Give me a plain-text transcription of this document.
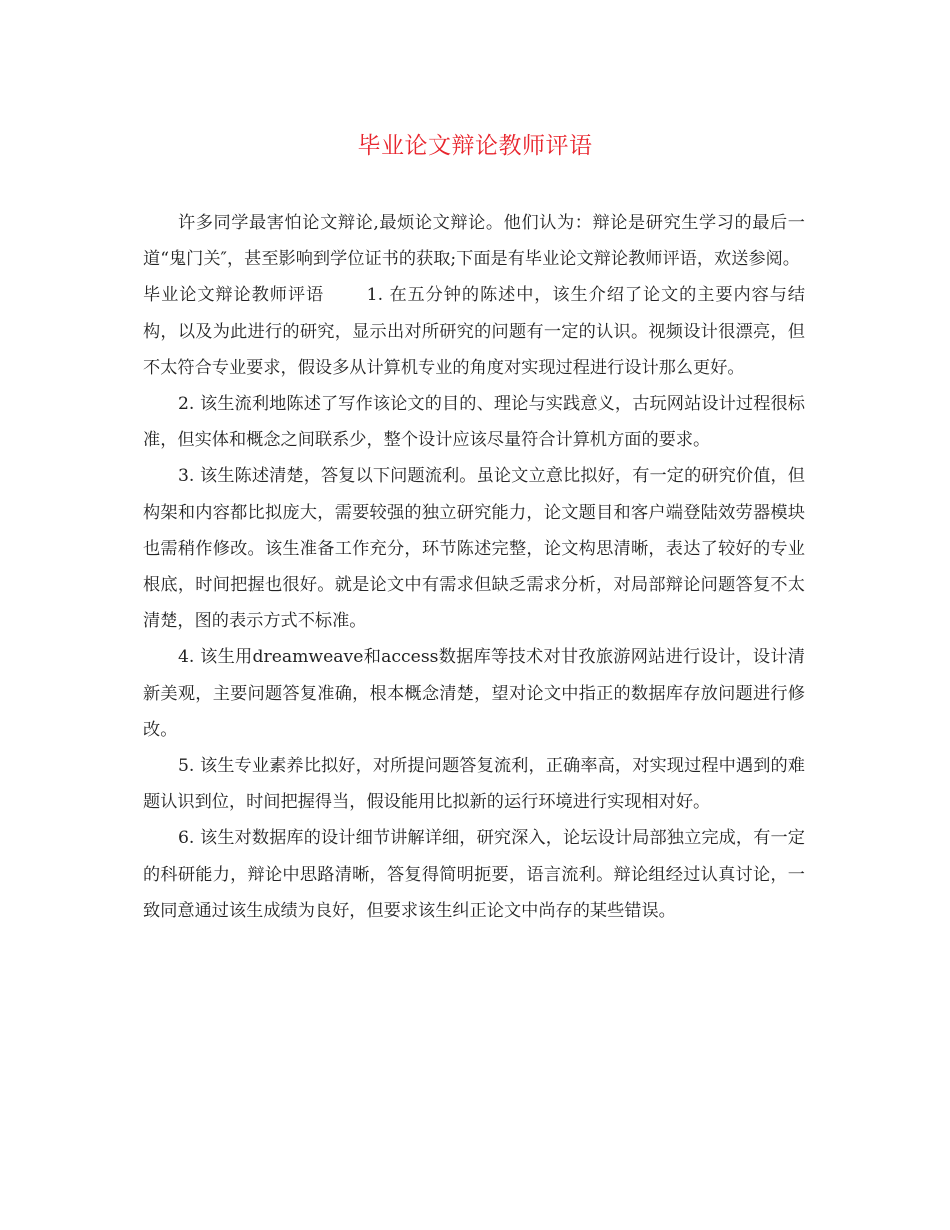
毕业论文辩论教师评语

许多同学最害怕论文辩论,最烦论文辩论。他们认为：辩论是研究生学习的最后一道“鬼门关″，甚至影响到学位证书的获取;下面是有毕业论文辩论教师评语，欢送参阅。

毕业论文辩论教师评语　　 1. 在五分钟的陈述中，该生介绍了论文的主要内容与结构，以及为此进行的研究，显示出对所研究的问题有一定的认识。视频设计很漂亮，但不太符合专业要求，假设多从计算机专业的角度对实现过程进行设计那么更好。

2. 该生流利地陈述了写作该论文的目的、理论与实践意义，古玩网站设计过程很标准，但实体和概念之间联系少，整个设计应该尽量符合计算机方面的要求。

3. 该生陈述清楚，答复以下问题流利。虽论文立意比拟好，有一定的研究价值，但构架和内容都比拟庞大，需要较强的独立研究能力，论文题目和客户端登陆效劳器模块也需稍作修改。该生准备工作充分，环节陈述完整，论文构思清晰，表达了较好的专业根底，时间把握也很好。就是论文中有需求但缺乏需求分析，对局部辩论问题答复不太清楚，图的表示方式不标准。

4. 该生用dreamweave和access数据库等技术对甘孜旅游网站进行设计，设计清新美观，主要问题答复准确，根本概念清楚，望对论文中指正的数据库存放问题进行修改。

5. 该生专业素养比拟好，对所提问题答复流利，正确率高，对实现过程中遇到的难题认识到位，时间把握得当，假设能用比拟新的运行环境进行实现相对好。

6. 该生对数据库的设计细节讲解详细，研究深入，论坛设计局部独立完成，有一定的科研能力，辩论中思路清晰，答复得简明扼要，语言流利。辩论组经过认真讨论，一致同意通过该生成绩为良好，但要求该生纠正论文中尚存的某些错误。
